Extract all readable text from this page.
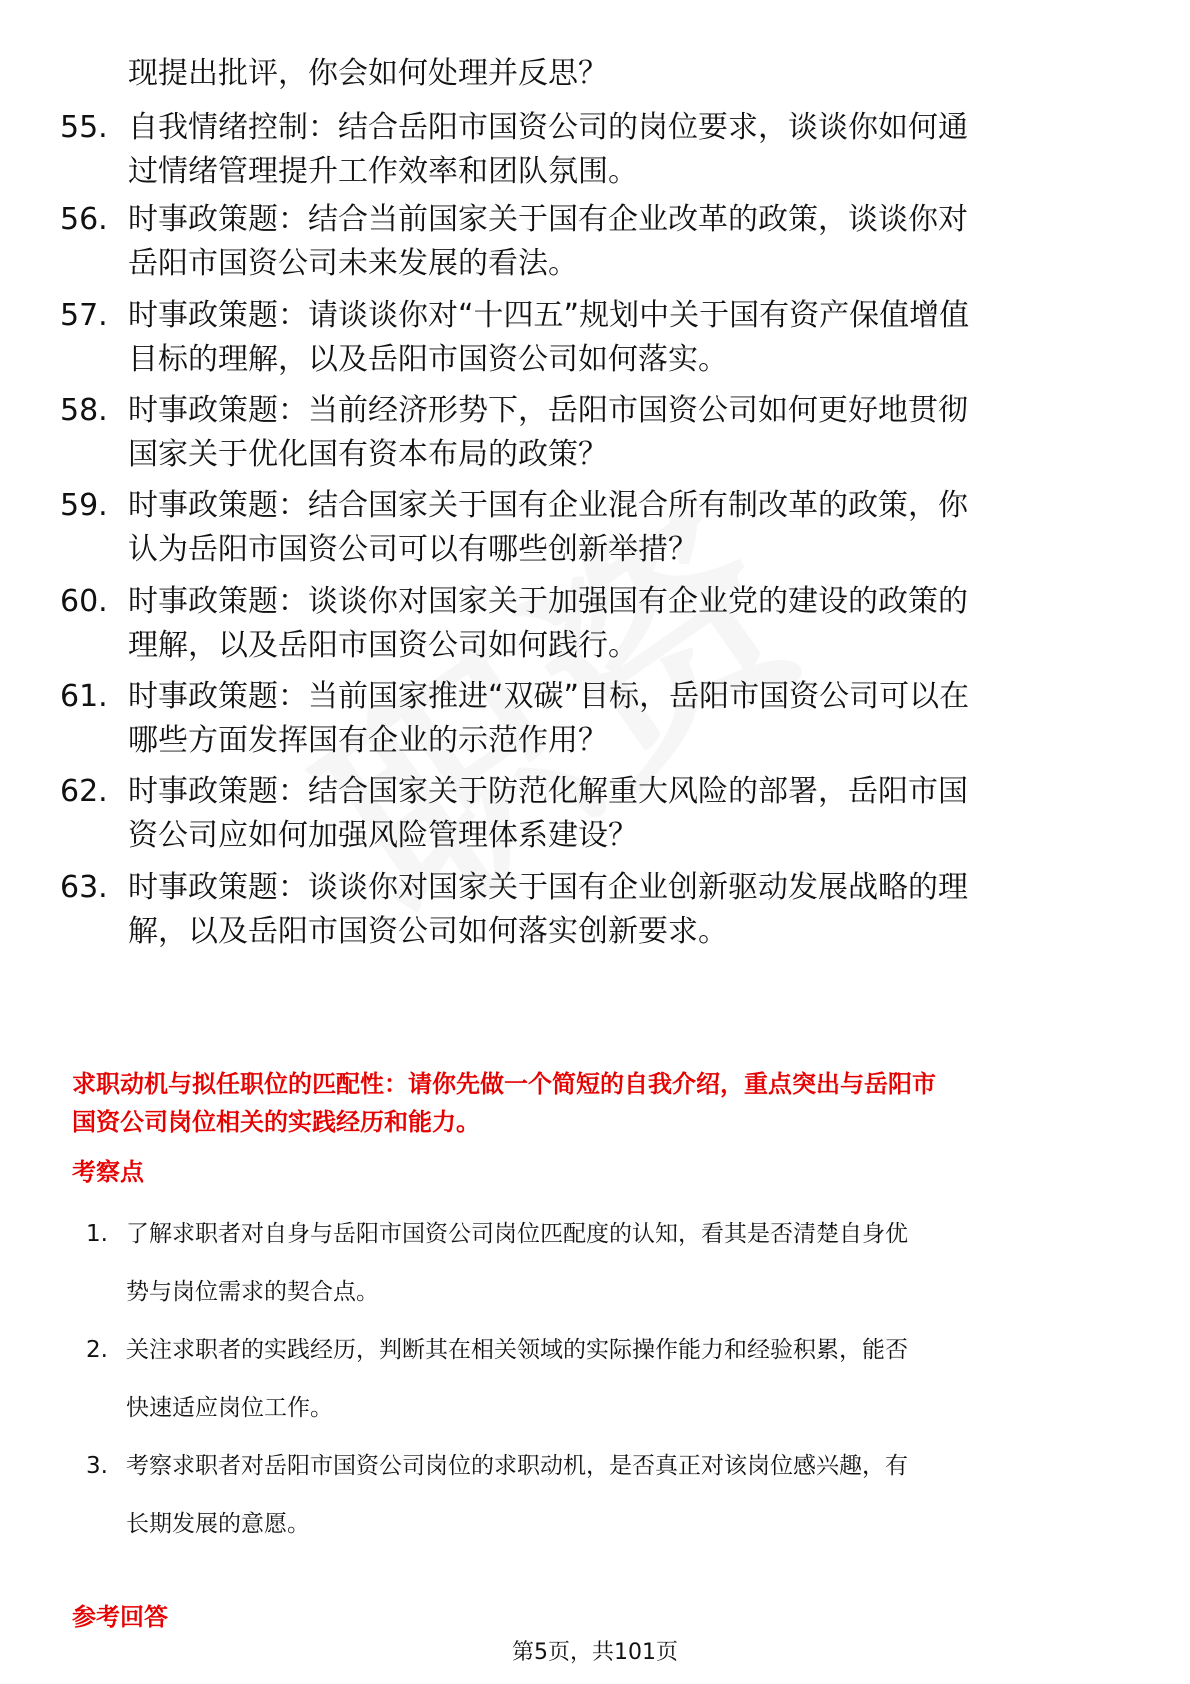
现提出批评，你会如何处理并反思？
55. 自我情绪控制：结合岳阳市国资公司的岗位要求，谈谈你如何通
过情绪管理提升工作效率和团队氛围。
56. 时事政策题：结合当前国家关于国有企业改革的政策，谈谈你对
岳阳市国资公司未来发展的看法。
57. 时事政策题：请谈谈你对“十四五”规划中关于国有资产保值增值
目标的理解，以及岳阳市国资公司如何落实。
58. 时事政策题：当前经济形势下，岳阳市国资公司如何更好地贯彻
国家关于优化国有资本布局的政策？
59. 时事政策题：结合国家关于国有企业混合所有制改革的政策，你
认为岳阳市国资公司可以有哪些创新举措？
60. 时事政策题：谈谈你对国家关于加强国有企业党的建设的政策的
理解，以及岳阳市国资公司如何践行。
61. 时事政策题：当前国家推进“双碳”目标，岳阳市国资公司可以在
哪些方面发挥国有企业的示范作用？
62. 时事政策题：结合国家关于防范化解重大风险的部署，岳阳市国
资公司应如何加强风险管理体系建设？
63. 时事政策题：谈谈你对国家关于国有企业创新驱动发展战略的理
解，以及岳阳市国资公司如何落实创新要求。
求职动机与拟任职位的匹配性：请你先做一个简短的自我介绍，重点突出与岳阳市
国资公司岗位相关的实践经历和能力。
考察点
1. 了解求职者对自身与岳阳市国资公司岗位匹配度的认知，看其是否清楚自身优
势与岗位需求的契合点。
2. 关注求职者的实践经历，判断其在相关领域的实际操作能力和经验积累，能否
快速适应岗位工作。
3. 考察求职者对岳阳市国资公司岗位的求职动机，是否真正对该岗位感兴趣，有
长期发展的意愿。
参考回答
第5页，共101页
